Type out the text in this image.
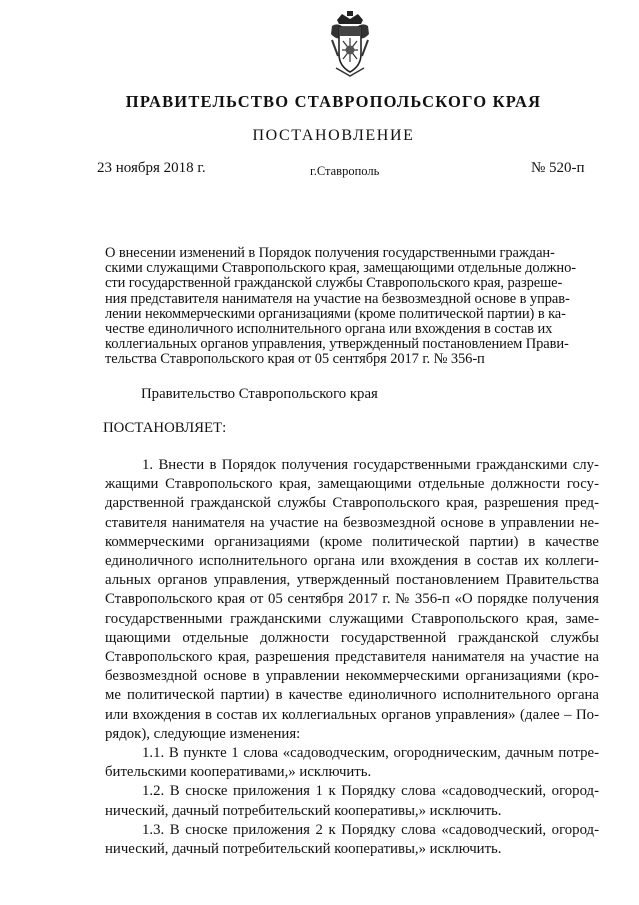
ПРАВИТЕЛЬСТВО СТАВРОПОЛЬСКОГО КРАЯ
ПОСТАНОВЛЕНИЕ
23 ноября 2018 г.	г.Ставрополь	№ 520-п
О внесении изменений в Порядок получения государственными граждан-
скими служащими Ставропольского края, замещающими отдельные должно-
сти государственной гражданской службы Ставропольского края, разреше-
ния представителя нанимателя на участие на безвозмездной основе в управ-
лении некоммерческими организациями (кроме политической партии) в ка-
честве единоличного исполнительного органа или вхождения в состав их
коллегиальных органов управления, утвержденный постановлением Прави-
тельства Ставропольского края от 05 сентября 2017 г. № 356-п
Правительство Ставропольского края
ПОСТАНОВЛЯЕТ:
1. Внести в Порядок получения государственными гражданскими слу-
жащими Ставропольского края, замещающими отдельные должности госу-
дарственной гражданской службы Ставропольского края, разрешения пред-
ставителя нанимателя на участие на безвозмездной основе в управлении не-
коммерческими организациями (кроме политической партии) в качестве
единоличного исполнительного органа или вхождения в состав их коллеги-
альных органов управления, утвержденный постановлением Правительства
Ставропольского края от 05 сентября 2017 г. № 356-п «О порядке получения
государственными гражданскими служащими Ставропольского края, заме-
щающими отдельные должности государственной гражданской службы
Ставропольского края, разрешения представителя нанимателя на участие на
безвозмездной основе в управлении некоммерческими организациями (кро-
ме политической партии) в качестве единоличного исполнительного органа
или вхождения в состав их коллегиальных органов управления» (далее – По-
рядок), следующие изменения:
1.1. В пункте 1 слова «садоводческим, огородническим, дачным потре-
бительскими кооперативами,» исключить.
1.2. В сноске приложения 1 к Порядку слова «садоводческий, огород-
нический, дачный потребительский кооперативы,» исключить.
1.3. В сноске приложения 2 к Порядку слова «садоводческий, огород-
нический, дачный потребительский кооперативы,» исключить.
